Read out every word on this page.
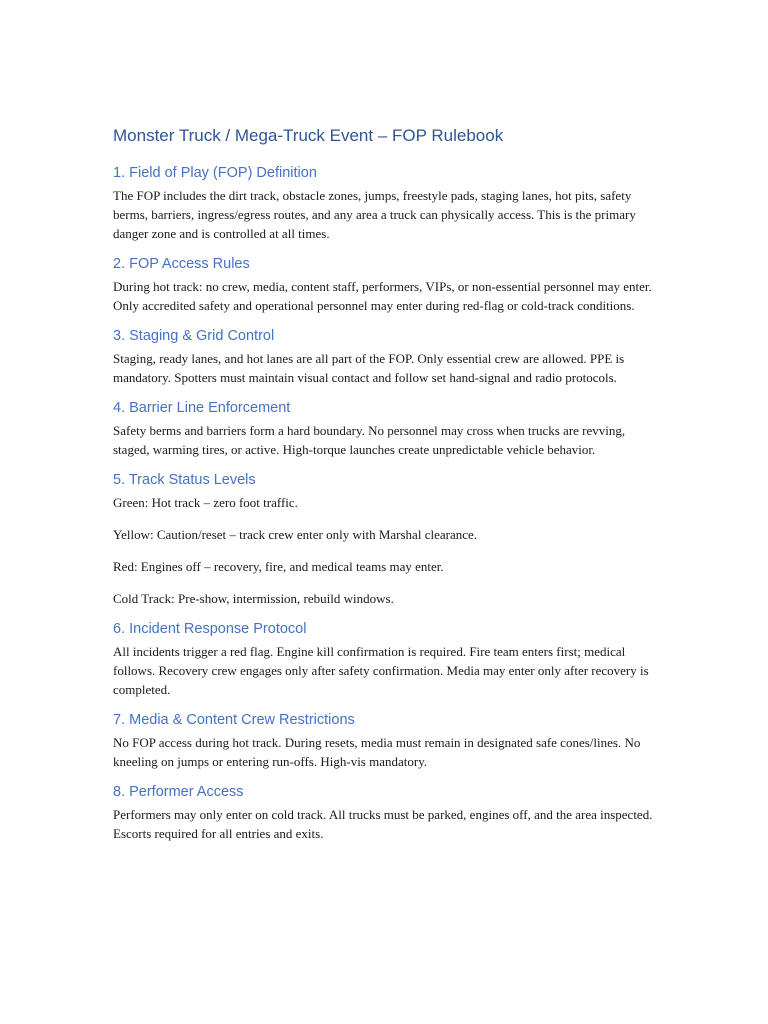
Monster Truck / Mega-Truck Event – FOP Rulebook
1. Field of Play (FOP) Definition

The FOP includes the dirt track, obstacle zones, jumps, freestyle pads, staging lanes, hot pits, safety berms, barriers, ingress/egress routes, and any area a truck can physically access. This is the primary danger zone and is controlled at all times.

2. FOP Access Rules

During hot track: no crew, media, content staff, performers, VIPs, or non-essential personnel may enter. Only accredited safety and operational personnel may enter during red-flag or cold-track conditions.

3. Staging & Grid Control

Staging, ready lanes, and hot lanes are all part of the FOP. Only essential crew are allowed. PPE is mandatory. Spotters must maintain visual contact and follow set hand-signal and radio protocols.

4. Barrier Line Enforcement

Safety berms and barriers form a hard boundary. No personnel may cross when trucks are revving, staged, warming tires, or active. High-torque launches create unpredictable vehicle behavior.

5. Track Status Levels

Green: Hot track – zero foot traffic.

Yellow: Caution/reset – track crew enter only with Marshal clearance.

Red: Engines off – recovery, fire, and medical teams may enter.

Cold Track: Pre-show, intermission, rebuild windows.

6. Incident Response Protocol

All incidents trigger a red flag. Engine kill confirmation is required. Fire team enters first; medical follows. Recovery crew engages only after safety confirmation. Media may enter only after recovery is completed.

7. Media & Content Crew Restrictions

No FOP access during hot track. During resets, media must remain in designated safe cones/lines. No kneeling on jumps or entering run-offs. High-vis mandatory.

8. Performer Access

Performers may only enter on cold track. All trucks must be parked, engines off, and the area inspected. Escorts required for all entries and exits.
